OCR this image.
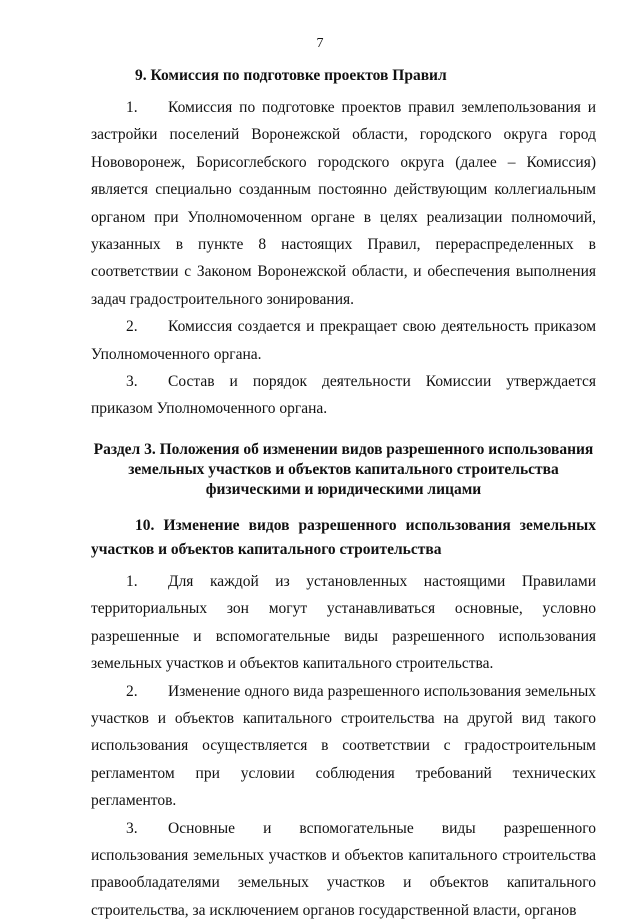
7
9. Комиссия по подготовке проектов Правил

1. Комиссия по подготовке проектов правил землепользования и застройки поселений Воронежской области, городского округа город Нововоронеж, Борисоглебского городского округа (далее – Комиссия) является специально созданным постоянно действующим коллегиальным органом при Уполномоченном органе в целях реализации полномочий, указанных в пункте 8 настоящих Правил, перераспределенных в соответствии с Законом Воронежской области, и обеспечения выполнения задач градостроительного зонирования.

2. Комиссия создается и прекращает свою деятельность приказом Уполномоченного органа.

3. Состав и порядок деятельности Комиссии утверждается приказом Уполномоченного органа.

Раздел 3. Положения об изменении видов разрешенного использования
земельных участков и объектов капитального строительства
физическими и юридическими лицами
10. Изменение видов разрешенного использования земельных участков и объектов капитального строительства

1. Для каждой из установленных настоящими Правилами территориальных зон могут устанавливаться основные, условно разрешенные и вспомогательные виды разрешенного использования земельных участков и объектов капитального строительства.

2. Изменение одного вида разрешенного использования земельных участков и объектов капитального строительства на другой вид такого использования осуществляется в соответствии с градостроительным регламентом при условии соблюдения требований технических регламентов.

3. Основные и вспомогательные виды разрешенного использования земельных участков и объектов капитального строительства правообладателями земельных участков и объектов капитального строительства, за исключением органов государственной власти, органов
